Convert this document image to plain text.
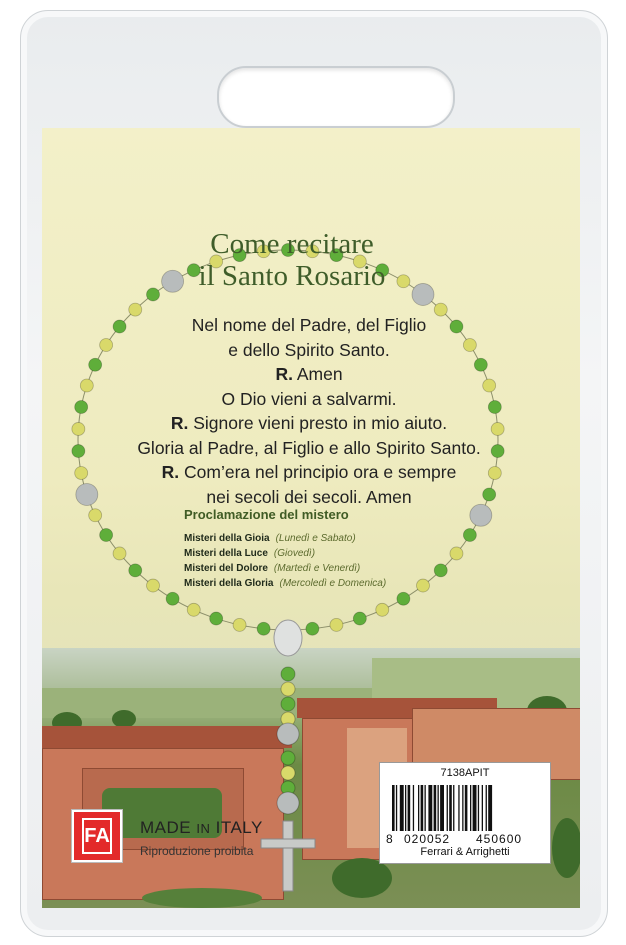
Come recitare
il Santo Rosario
Nel nome del Padre, del Figlio
e dello Spirito Santo.
R. Amen
O Dio vieni a salvarmi.
R. Signore vieni presto in mio aiuto.
Gloria al Padre, al Figlio e allo Spirito Santo.
R. Com’era nel principio ora e sempre
nei secoli dei secoli. Amen
Proclamazione del mistero
Misteri della Gioia (Lunedì e Sabato)
Misteri della Luce (Giovedì)
Misteri del Dolore (Martedì e Venerdì)
Misteri della Gloria (Mercoledì e Domenica)
FA MADE IN ITALY
Riproduzione proibita
7138APIT
8 020052 450600
Ferrari & Arrighetti
